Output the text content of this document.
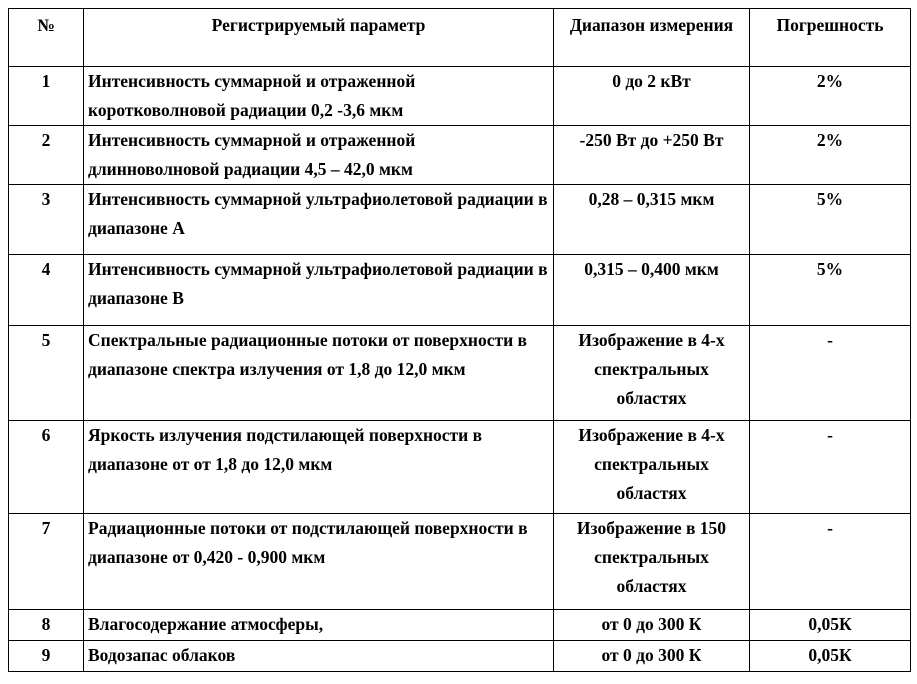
№	Регистрируемый параметр	Диапазон измерения	Погрешность
1	Интенсивность суммарной и отраженной коротковолновой радиации 0,2 -3,6 мкм	0 до 2 кВт	2%
2	Интенсивность суммарной и отраженной длинноволновой радиации 4,5 – 42,0 мкм	-250 Вт до +250 Вт	2%
3	Интенсивность суммарной ультрафиолетовой радиации в диапазоне А	0,28 – 0,315 мкм	5%
4	Интенсивность суммарной ультрафиолетовой радиации в диапазоне В	0,315 – 0,400 мкм	5%
5	Спектральные радиационные потоки от поверхности в диапазоне спектра излучения от 1,8 до 12,0 мкм	Изображение в 4-х спектральных областях	-
6	Яркость излучения подстилающей поверхности в диапазоне от от 1,8 до 12,0 мкм	Изображение в 4-х спектральных областях	-
7	Радиационные потоки от подстилающей поверхности в диапазоне от 0,420 - 0,900 мкм	Изображение в 150 спектральных областях	-
8	Влагосодержание атмосферы,	от 0 до 300 К	0,05К
9	Водозапас облаков	от 0 до 300 К	0,05К
